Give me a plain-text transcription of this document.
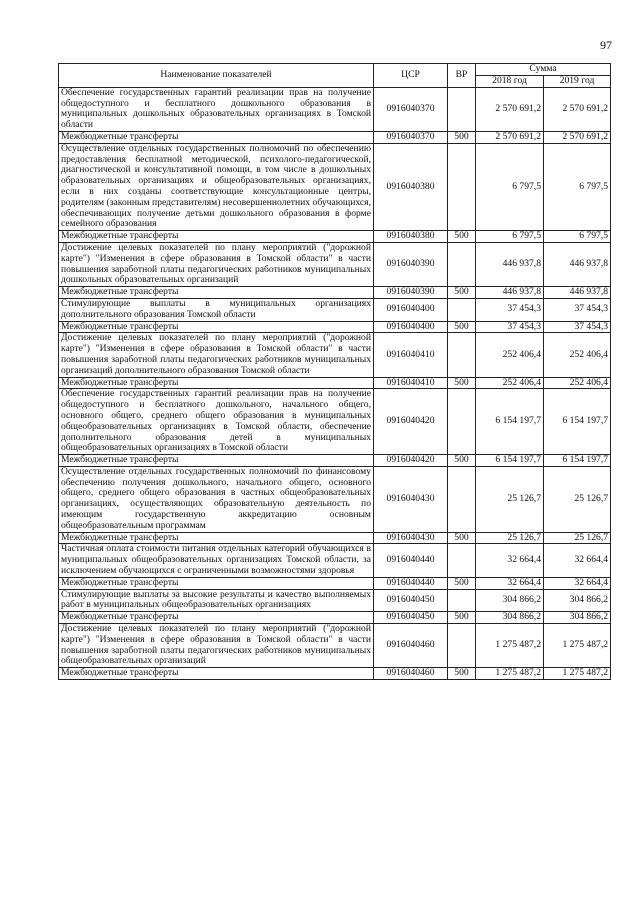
97
Наименование показателей	ЦСР	ВР	Сумма	
			2018 год	2019 год
Обеспечение государственных гарантий реализации прав на получение общедоступного и бесплатного дошкольного образования в муниципальных дошкольных образовательных организациях в Томской области	0916040370		2 570 691,2	2 570 691,2
Межбюджетные трансферты	0916040370	500	2 570 691,2	2 570 691,2
Осуществление отдельных государственных полномочий по обеспечению предоставления бесплатной методической, психолого-педагогической, диагностической и консультативной помощи, в том числе в дошкольных образовательных организациях и общеобразовательных организациях, если в них созданы соответствующие консультационные центры, родителям (законным представителям) несовершеннолетних обучающихся, обеспечивающих получение детьми дошкольного образования в форме семейного образования	0916040380		6 797,5	6 797,5
Межбюджетные трансферты	0916040380	500	6 797,5	6 797,5
Достижение целевых показателей по плану мероприятий ("дорожной карте") "Изменения в сфере образования в Томской области" в части повышения заработной платы педагогических работников муниципальных дошкольных образовательных организаций	0916040390		446 937,8	446 937,8
Межбюджетные трансферты	0916040390	500	446 937,8	446 937,8
Стимулирующие выплаты в муниципальных организациях дополнительного образования Томской области	0916040400		37 454,3	37 454,3
Межбюджетные трансферты	0916040400	500	37 454,3	37 454,3
Достижение целевых показателей по плану мероприятий ("дорожной карте") "Изменения в сфере образования в Томской области" в части повышения заработной платы педагогических работников муниципальных организаций дополнительного образования Томской области	0916040410		252 406,4	252 406,4
Межбюджетные трансферты	0916040410	500	252 406,4	252 406,4
Обеспечение государственных гарантий реализации прав на получение общедоступного и бесплатного дошкольного, начального общего, основного общего, среднего общего образования в муниципальных общеобразовательных организациях в Томской области, обеспечение дополнительного образования детей в муниципальных общеобразовательных организациях в Томской области	0916040420		6 154 197,7	6 154 197,7
Межбюджетные трансферты	0916040420	500	6 154 197,7	6 154 197,7
Осуществление отдельных государственных полномочий по финансовому обеспечению получения дошкольного, начального общего, основного общего, среднего общего образования в частных общеобразовательных организациях, осуществляющих образовательную деятельность по имеющим государственную аккредитацию основным общеобразовательным программам	0916040430		25 126,7	25 126,7
Межбюджетные трансферты	0916040430	500	25 126,7	25 126,7
Частичная оплата стоимости питания отдельных категорий обучающихся в муниципальных общеобразовательных организациях Томской области, за исключением обучающихся с ограниченными возможностями здоровья	0916040440		32 664,4	32 664,4
Межбюджетные трансферты	0916040440	500	32 664,4	32 664,4
Стимулирующие выплаты за высокие результаты и качество выполняемых работ в муниципальных общеобразовательных организациях	0916040450		304 866,2	304 866,2
Межбюджетные трансферты	0916040450	500	304 866,2	304 866,2
Достижение целевых показателей по плану мероприятий ("дорожной карте") "Изменения в сфере образования в Томской области" в части повышения заработной платы педагогических работников муниципальных общеобразовательных организаций	0916040460		1 275 487,2	1 275 487,2
Межбюджетные трансферты	0916040460	500	1 275 487,2	1 275 487,2
